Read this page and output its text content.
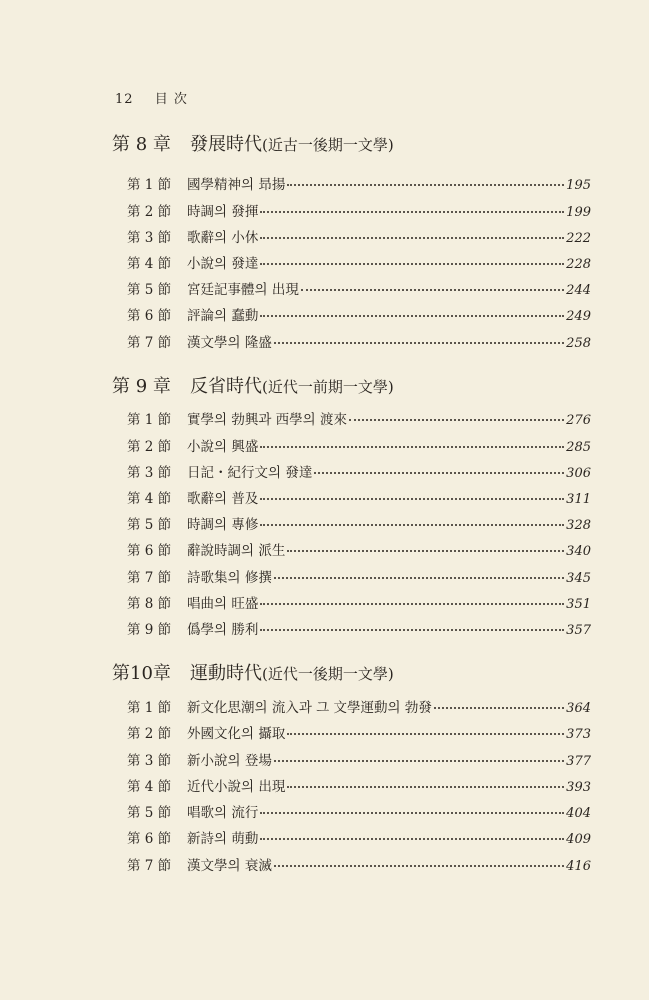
12 目 次
第 8 章 發展時代(近古一後期一文學)
第 1 節	國學精神의 昻揚	195
第 2 節	時調의 發揮	199
第 3 節	歌辭의 小休	222
第 4 節	小說의 發達	228
第 5 節	宮廷記事體의 出現	244
第 6 節	評論의 蠢動	249
第 7 節	漢文學의 隆盛	258
第 9 章 反省時代(近代一前期一文學)
第 1 節	實學의 勃興과 西學의 渡來	276
第 2 節	小說의 興盛	285
第 3 節	日記・紀行文의 發達	306
第 4 節	歌辭의 普及	311
第 5 節	時調의 專修	328
第 6 節	辭說時調의 派生	340
第 7 節	詩歌集의 修撰	345
第 8 節	唱曲의 旺盛	351
第 9 節	僞學의 勝利	357
第10章 運動時代(近代一後期一文學)
第 1 節	新文化思潮의 流入과 그 文學運動의 勃發	364
第 2 節	外國文化의 攝取	373
第 3 節	新小說의 登場	377
第 4 節	近代小說의 出現	393
第 5 節	唱歌의 流行	404
第 6 節	新詩의 萌動	409
第 7 節	漢文學의 衰滅	416
